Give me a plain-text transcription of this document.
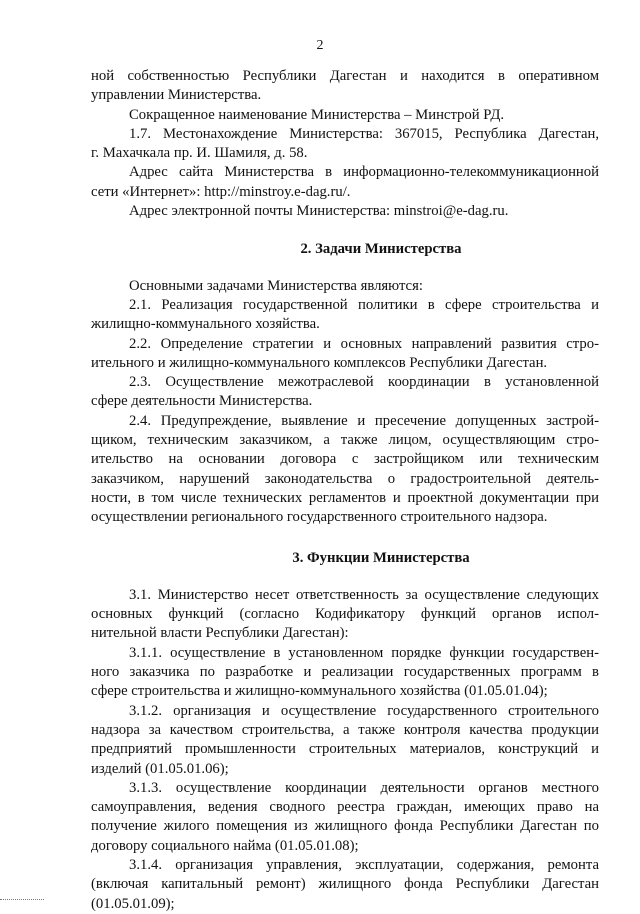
2

ной собственностью Республики Дагестан и находится в оперативном
управлении Министерства.

Сокращенное наименование Министерства – Минстрой РД.

1.7. Местонахождение Министерства: 367015, Республика Дагестан,
г. Махачкала пр. И. Шамиля, д. 58.

Адрес сайта Министерства в информационно-телекоммуникационной
сети «Интернет»: http://minstroy.e-dag.ru/.

Адрес электронной почты Министерства: minstroi@e-dag.ru.

2. Задачи Министерства

Основными задачами Министерства являются:

2.1. Реализация государственной политики в сфере строительства и
жилищно-коммунального хозяйства.

2.2. Определение стратегии и основных направлений развития стро-
ительного и жилищно-коммунального комплексов Республики Дагестан.

2.3. Осуществление межотраслевой координации в установленной
сфере деятельности Министерства.

2.4. Предупреждение, выявление и пресечение допущенных застрой-
щиком, техническим заказчиком, а также лицом, осуществляющим стро-
ительство на основании договора с застройщиком или техническим
заказчиком, нарушений законодательства о градостроительной деятель-
ности, в том числе технических регламентов и проектной документации при
осуществлении регионального государственного строительного надзора.

3. Функции Министерства

3.1. Министерство несет ответственность за осуществление следующих
основных функций (согласно Кодификатору функций органов испол-
нительной власти Республики Дагестан):

3.1.1. осуществление в установленном порядке функции государствен-
ного заказчика по разработке и реализации государственных программ в
сфере строительства и жилищно-коммунального хозяйства (01.05.01.04);

3.1.2. организация и осуществление государственного строительного
надзора за качеством строительства, а также контроля качества продукции
предприятий промышленности строительных материалов, конструкций и
изделий (01.05.01.06);

3.1.3. осуществление координации деятельности органов местного
самоуправления, ведения сводного реестра граждан, имеющих право на
получение жилого помещения из жилищного фонда Республики Дагестан по
договору социального найма (01.05.01.08);

3.1.4. организация управления, эксплуатации, содержания, ремонта
(включая капитальный ремонт) жилищного фонда Республики Дагестан
(01.05.01.09);
